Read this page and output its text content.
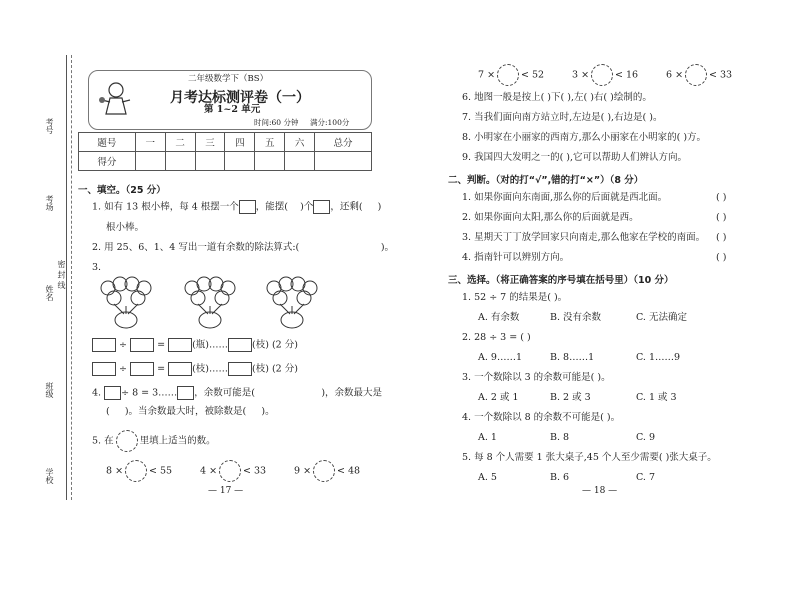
考号
考场
姓名
密 封 线
班级
学校
二年级数学下（BS）
月考达标测评卷（一）
第 1~2 单元
时间:60 分钟 满分:100分
题号	一	二	三	四	五	六	总分
得分							
一、填空。（25 分）
1. 如有 13 根小棒，每 4 根摆一个 ，能摆( )个 ，还剩( )
根小棒。
2. 用 25、6、1、4 写出一道有余数的除法算式:(	)。
3.
÷	=	(瓶)……	(枝) (2 分)
÷	=	(枝)……	(枝) (2 分)
4. ÷ 8 = 3…… ，余数可能是(	)，余数最大是
( )。当余数最大时，被除数是( )。
5. 在	里填上适当的数。
8 ×	< 55	4 ×	< 33	9 ×	< 48
— 17 —
7 ×	< 52	3 ×	< 16	6 ×	< 33
6. 地图一般是按上( )下( ),左( )右( )绘制的。
7. 当我们面向南方站立时,左边是( ),右边是( )。
8. 小明家在小丽家的西南方,那么小丽家在小明家的( )方。
9. 我国四大发明之一的( ),它可以帮助人们辨认方向。
二、判断。（对的打“√”,错的打“×”）（8 分）
1. 如果你面向东南面,那么你的后面就是西北面。	( )
2. 如果你面向太阳,那么你的后面就是西。	( )
3. 星期天丁丁放学回家只向南走,那么他家在学校的南面。 ( )
4. 指南针可以辨别方向。	( )
三、选择。（将正确答案的序号填在括号里）（10 分）
1. 52 ÷ 7 的结果是( )。
A. 有余数	B. 没有余数	C. 无法确定
2. 28 ÷ 3 = ( )
A. 9……1	B. 8……1	C. 1……9
3. 一个数除以 3 的余数可能是( )。
A. 2 或 1	B. 2 或 3	C. 1 或 3
4. 一个数除以 8 的余数不可能是( )。
A. 1	B. 8	C. 9
5. 每 8 个人需要 1 张大桌子,45 个人至少需要( )张大桌子。
A. 5	B. 6	C. 7
— 18 —
